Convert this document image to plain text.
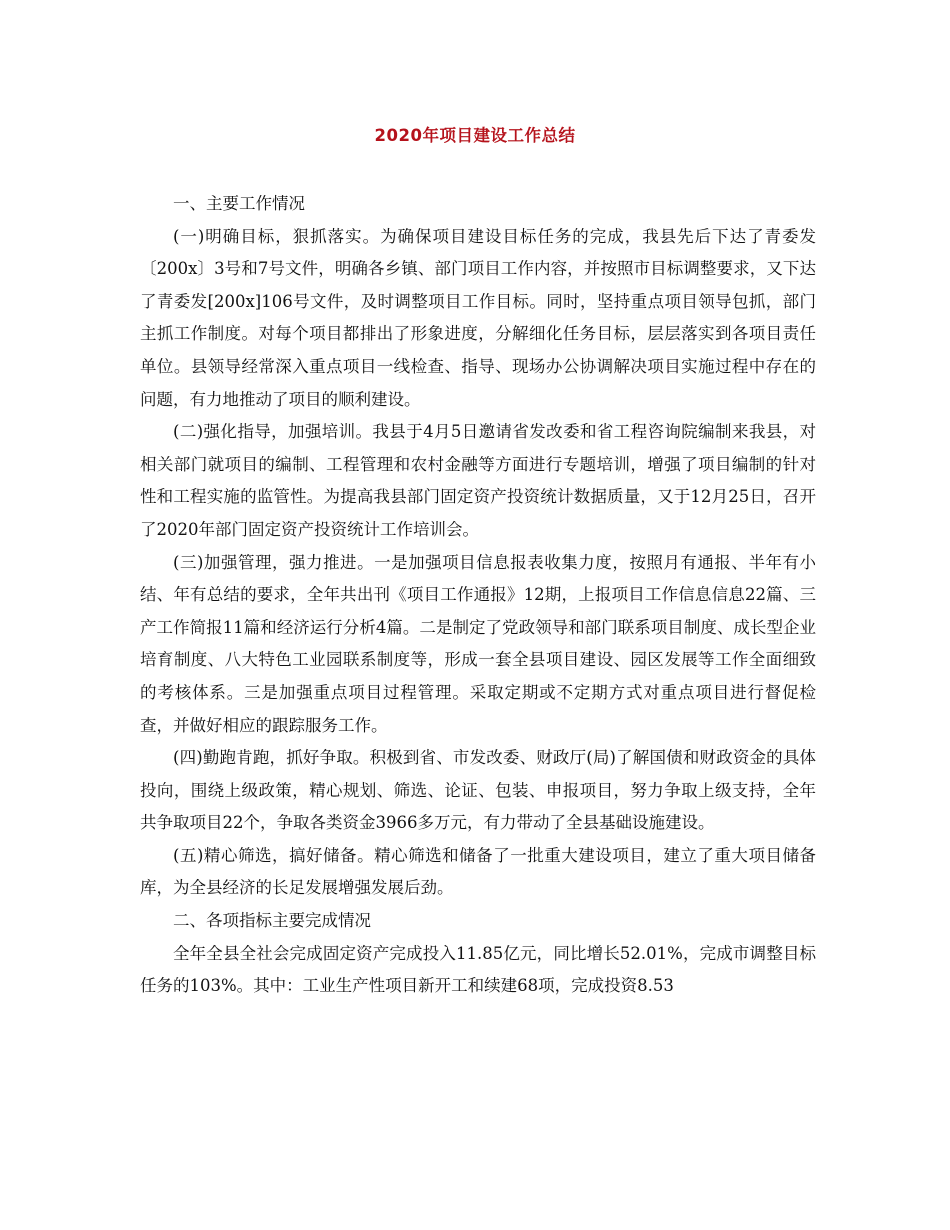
2020年项目建设工作总结

一、主要工作情况

(一)明确目标，狠抓落实。为确保项目建设目标任务的完成，我县先后下达了青委发〔200x〕3号和7号文件，明确各乡镇、部门项目工作内容，并按照市目标调整要求，又下达了青委发[200x]106号文件，及时调整项目工作目标。同时，坚持重点项目领导包抓，部门主抓工作制度。对每个项目都排出了形象进度，分解细化任务目标，层层落实到各项目责任单位。县领导经常深入重点项目一线检查、指导、现场办公协调解决项目实施过程中存在的问题，有力地推动了项目的顺利建设。

(二)强化指导，加强培训。我县于4月5日邀请省发改委和省工程咨询院编制来我县，对相关部门就项目的编制、工程管理和农村金融等方面进行专题培训，增强了项目编制的针对性和工程实施的监管性。为提高我县部门固定资产投资统计数据质量，又于12月25日，召开了2020年部门固定资产投资统计工作培训会。

(三)加强管理，强力推进。一是加强项目信息报表收集力度，按照月有通报、半年有小结、年有总结的要求，全年共出刊《项目工作通报》12期，上报项目工作信息信息22篇、三产工作简报11篇和经济运行分析4篇。二是制定了党政领导和部门联系项目制度、成长型企业培育制度、八大特色工业园联系制度等，形成一套全县项目建设、园区发展等工作全面细致的考核体系。三是加强重点项目过程管理。采取定期或不定期方式对重点项目进行督促检查，并做好相应的跟踪服务工作。

(四)勤跑肯跑，抓好争取。积极到省、市发改委、财政厅(局)了解国债和财政资金的具体投向，围绕上级政策，精心规划、筛选、论证、包装、申报项目，努力争取上级支持，全年共争取项目22个，争取各类资金3966多万元，有力带动了全县基础设施建设。

(五)精心筛选，搞好储备。精心筛选和储备了一批重大建设项目，建立了重大项目储备库，为全县经济的长足发展增强发展后劲。

二、各项指标主要完成情况

全年全县全社会完成固定资产完成投入11.85亿元，同比增长52.01%，完成市调整目标任务的103%。其中：工业生产性项目新开工和续建68项，完成投资8.53
